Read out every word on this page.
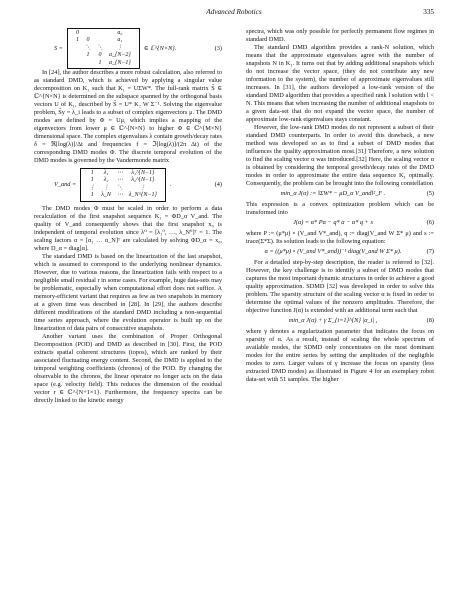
Advanced Robotics	335
S =
0			a₀
1	0		a₁
	⋱	⋱	⋮
	1	0	a_{N−2}
		1	a_{N−1}
∈ ℂ^{N×N}.	(3)

In [24], the author describes a more robust calculation, also referred to as standard DMD, which is achieved by applying a singular value decomposition on K₁ such that K₁ = UΣW*. The full-rank matrix S̃ ∈ ℂ^{N×N} is determined on the subspace spanned by the orthogonal basis vectors U of K₁, described by S̃ = U* K₂ W Σ⁻¹. Solving the eigenvalue problem, S̃y = λ_i leads to a subset of complex eigenvectors μ. The DMD modes are defined by Φ = Uμ, which implies a mapping of the eigenvectors from lower μ ∈ ℂ^{N×N} to higher Φ ∈ ℂ^{M×N} dimensional space. The complex eigenvalues λ contain growth/decay rates δ = ℜ[log(λ)]/Δt and frequencies f = ℑ[log(λ)]/(2π Δt) of the corresponding DMD modes Φ. The discrete temporal evolution of the DMD modes is governed by the Vandermonde matrix

V_and =
1	λ₁	⋯	λ₁^{N−1}
1	λ₂	⋯	λ₂^{N−1}
⋮	⋮	⋱	⋮
1	λ_N	⋯	λ_N^{N−1}
.	(4)

The DMD modes Φ must be scaled in order to perform a data recalculation of the first snapshot sequence K₁ = ΦD_α V_and. The quality of V_and consequently shows that the first snapshot x₀ is independent of temporal evolution since λ⁰ = [λ₁⁰, …, λ_N⁰]ᵀ = 1. The scaling factors α = [α₁ … α_N]ᵀ are calculated by solving ΦD_α = x₀, where D_α = diag[α].

The standard DMD is based on the linearization of the last snapshot, which is assumed to correspond to the underlying nonlinear dynamics. However, due to various reasons, the linearization fails with respect to a negligible small residual r in some cases. For example, huge data-sets may be problematic, especially when computational effort does not suffice. A memory-efficient variant that requires as few as two snapshots in memory at a given time was described in [28]. In [29], the authors describe different modifications of the standard DMD including a non-sequential time series approach, where the evolution operator is built up on the linearization of data pairs of consecutive snapshots.

Another variant uses the combination of Proper Orthogonal Decomposition (POD) and DMD as described in [30]. First, the POD extracts spatial coherent structures (topos), which are ranked by their associated fluctuating energy content. Second, the DMD is applied to the temporal weighting coefficients (chronos) of the POD. By changing the observable to the chronos, the linear operator no longer acts on the data space (e.g. velocity field). This reduces the dimension of the residual vector r ∈ ℂ^{N+1×1}. Furthermore, the frequency spectra can be directly linked to the kinetic energy

spectra, which was only possible for perfectly permanent flow regimes in standard DMD.

The standard DMD algorithm provides a rank-N solution, which means that the approximate eigenvalues agree with the number of snapshots N in K₁. It turns out that by adding additional snapshots which do not increase the vector space, (they do not contribute any new information to the system), the number of approximate eigenvalues still increases. In [31], the authors developed a low-rank version of the standard DMD algorithm that provides a specified rank l solution with l < N. This means that when increasing the number of additional snapshots to a given data-set that do not expand the vector space, the number of approximate low-rank eigenvalues stays constant.

However, the low-rank DMD modes do not represent a subset of their standard DMD counterparts. In order to avoid this drawback, a new method was developed so as to find a subset of DMD modes that influences the quality approximation most.[31] Therefore, a new solution to find the scaling vector α was introduced.[32] Here, the scaling vector α is obtained by considering the temporal growth/decay rates of the DMD modes in order to approximate the entire data sequence K₁ optimally. Consequently, the problem can be brought into the following constellation

min_α J(α) := ‖ΣW* − μD_α V_and‖²_F .	(5)

This expression is a convex optimization problem which can be transformed into

J(α) = α* Pα − q* α − α* q + s	(6)

where P := (μ*μ) ∘ (V_and V*_and), q := diag(V_and W Σ* μ) and s := trace(Σ*Σ). Its solution leads to the following equation:

α = ((μ*μ) ∘ (V_and V*_and))⁻¹ diag(V_and W Σ* μ).	(7)

For a detailed step-by-step description, the reader is referred to [32]. However, the key challenge is to identify a subset of DMD modes that captures the most important dynamic structures in order to achieve a good quality approximation. SDMD [32] was developed in order to solve this problem. The sparsity structure of the scaling vector α is fixed in order to determine the optimal values of the nonzero amplitudes. Therefore, the objective function J(α) is extended with an additional term such that

min_α J(α) + γ Σ_{i=1}^{N} |α_i| ,	(8)

where γ denotes a regularization parameter that indicates the focus on sparsity of α. As a result, instead of scaling the whole spectrum of available modes, the SDMD only concentrates on the most dominant modes for the entire series by setting the amplitudes of the negligible modes to zero. Larger values of γ increase the focus on sparsity (less extracted DMD modes) as illustrated in Figure 4 for an exemplary robot data-set with 51 samples. The higher
